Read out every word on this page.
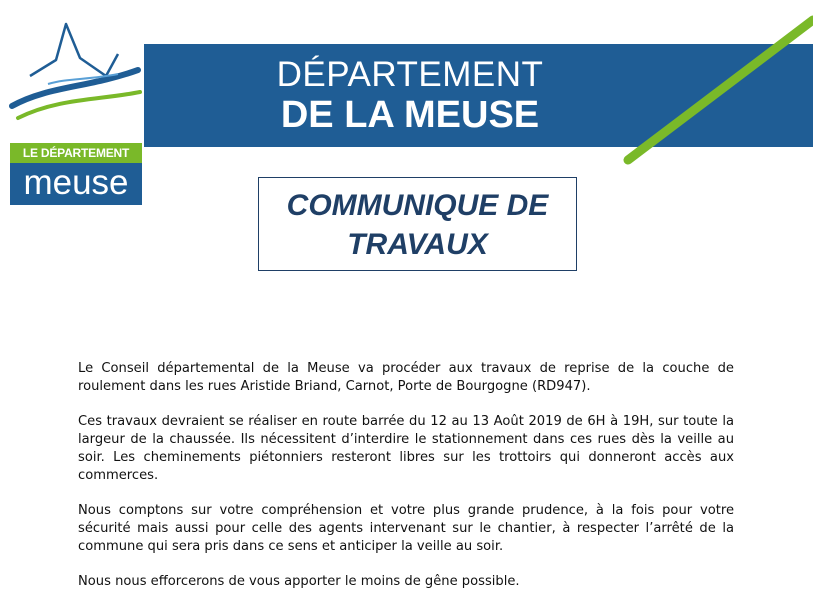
LE DÉPARTEMENT
meuse
DÉPARTEMENT
DE LA MEUSE
COMMUNIQUE DE TRAVAUX

Le Conseil départemental de la Meuse va procéder aux travaux de reprise de la couche de roulement dans les rues Aristide Briand, Carnot, Porte de Bourgogne (RD947).

Ces travaux devraient se réaliser en route barrée du 12 au 13 Août 2019 de 6H à 19H, sur toute la largeur de la chaussée. Ils nécessitent d’interdire le stationnement dans ces rues dès la veille au soir. Les cheminements piétonniers resteront libres sur les trottoirs qui donneront accès aux commerces.

Nous comptons sur votre compréhension et votre plus grande prudence, à la fois pour votre sécurité mais aussi pour celle des agents intervenant sur le chantier, à respecter l’arrêté de la commune qui sera pris dans ce sens et anticiper la veille au soir.

Nous nous efforcerons de vous apporter le moins de gêne possible.
